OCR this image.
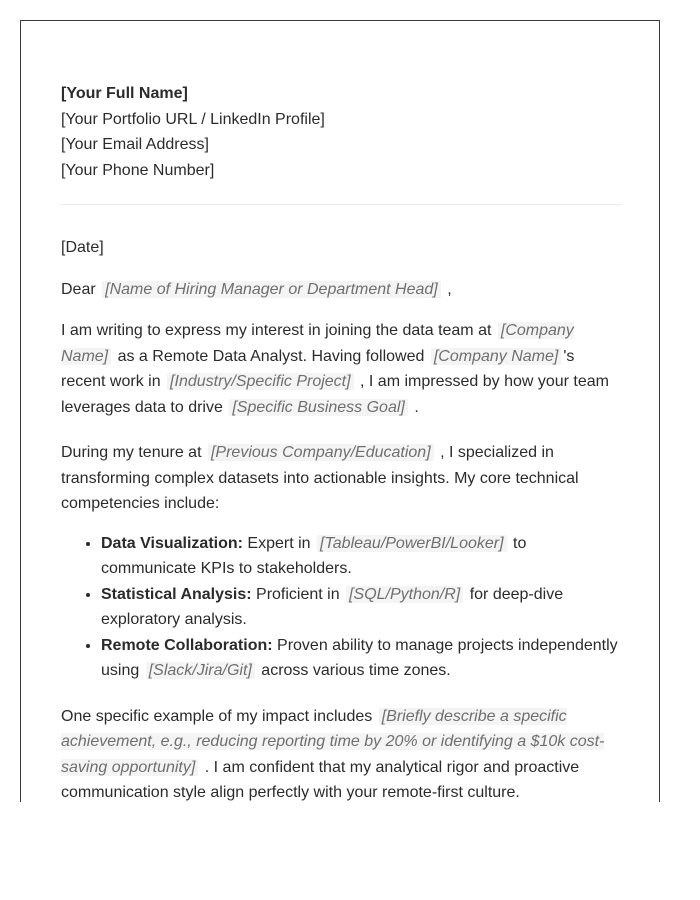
[Your Full Name]
[Your Portfolio URL / LinkedIn Profile]
[Your Email Address]
[Your Phone Number]
[Date]

Dear [Name of Hiring Manager or Department Head] ,

I am writing to express my interest in joining the data team at [Company Name] as a Remote Data Analyst. Having followed [Company Name] 's recent work in [Industry/Specific Project] , I am impressed by how your team leverages data to drive [Specific Business Goal] .

During my tenure at [Previous Company/Education] , I specialized in transforming complex datasets into actionable insights. My core technical competencies include:

• Data Visualization: Expert in [Tableau/PowerBI/Looker] to communicate KPIs to stakeholders.
• Statistical Analysis: Proficient in [SQL/Python/R] for deep-dive exploratory analysis.
• Remote Collaboration: Proven ability to manage projects independently using [Slack/Jira/Git] across various time zones.

One specific example of my impact includes [Briefly describe a specific achievement, e.g., reducing reporting time by 20% or identifying a $10k cost-saving opportunity] . I am confident that my analytical rigor and proactive communication style align perfectly with your remote-first culture.
